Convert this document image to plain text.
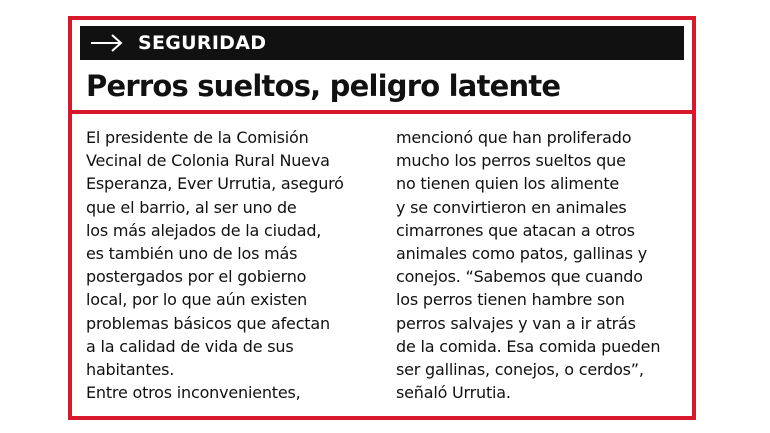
SEGURIDAD
Perros sueltos, peligro latente
El presidente de la Comisión
Vecinal de Colonia Rural Nueva
Esperanza, Ever Urrutia, aseguró
que el barrio, al ser uno de
los más alejados de la ciudad,
es también uno de los más
postergados por el gobierno
local, por lo que aún existen
problemas básicos que afectan
a la calidad de vida de sus
habitantes.
Entre otros inconvenientes,
mencionó que han proliferado
mucho los perros sueltos que
no tienen quien los alimente
y se convirtieron en animales
cimarrones que atacan a otros
animales como patos, gallinas y
conejos. “Sabemos que cuando
los perros tienen hambre son
perros salvajes y van a ir atrás
de la comida. Esa comida pueden
ser gallinas, conejos, o cerdos”,
señaló Urrutia.
